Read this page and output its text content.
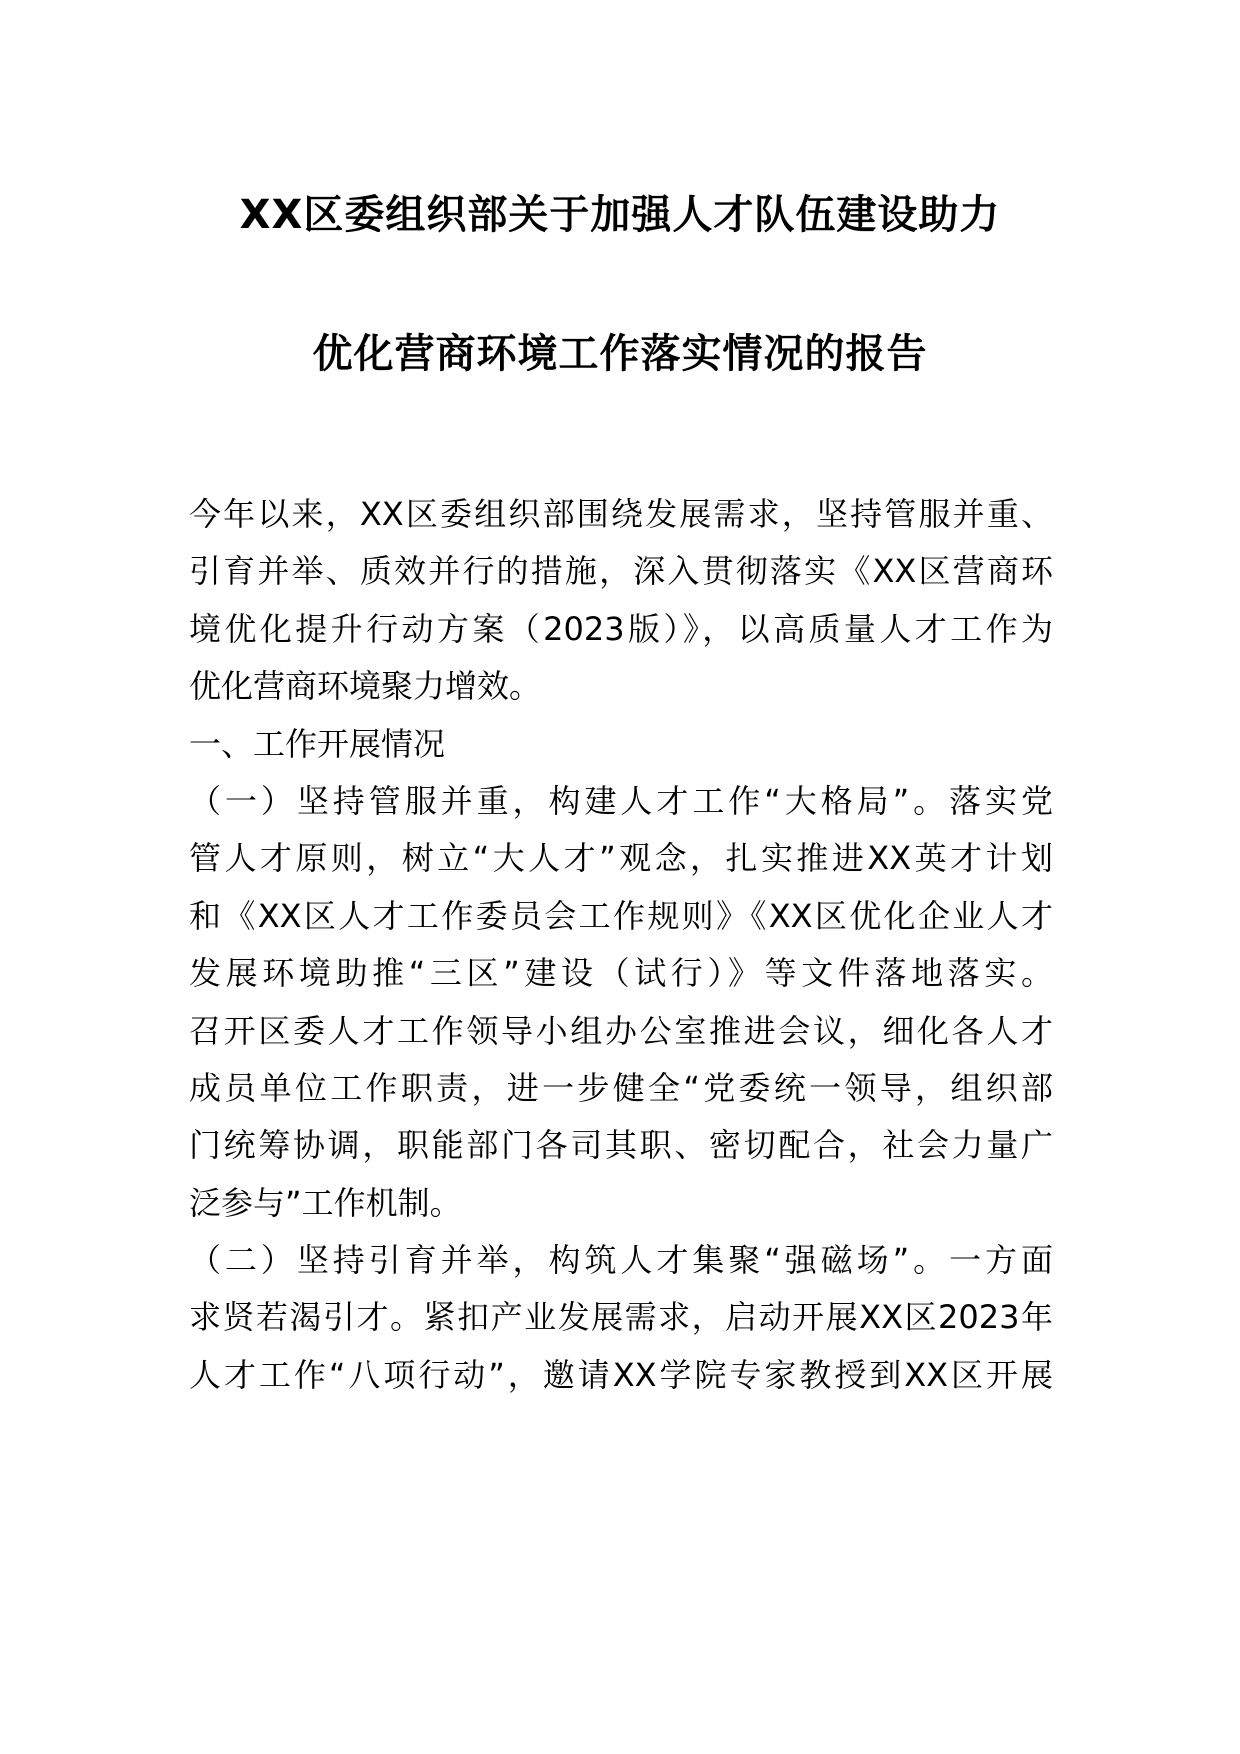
XX区委组织部关于加强人才队伍建设助力
优化营商环境工作落实情况的报告
今年以来，XX区委组织部围绕发展需求，坚持管服并重、
引育并举、质效并行的措施，深入贯彻落实《XX区营商环
境优化提升行动方案（2023版）》，以高质量人才工作为
优化营商环境聚力增效。
一、工作开展情况
（一）坚持管服并重，构建人才工作“大格局”。落实党
管人才原则，树立“大人才”观念，扎实推进XX英才计划
和《XX区人才工作委员会工作规则》《XX区优化企业人才
发展环境助推“三区”建设（试行）》等文件落地落实。
召开区委人才工作领导小组办公室推进会议，细化各人才
成员单位工作职责，进一步健全“党委统一领导，组织部
门统筹协调，职能部门各司其职、密切配合，社会力量广
泛参与”工作机制。
（二）坚持引育并举，构筑人才集聚“强磁场”。一方面
求贤若渴引才。紧扣产业发展需求，启动开展XX区2023年
人才工作“八项行动”，邀请XX学院专家教授到XX区开展
